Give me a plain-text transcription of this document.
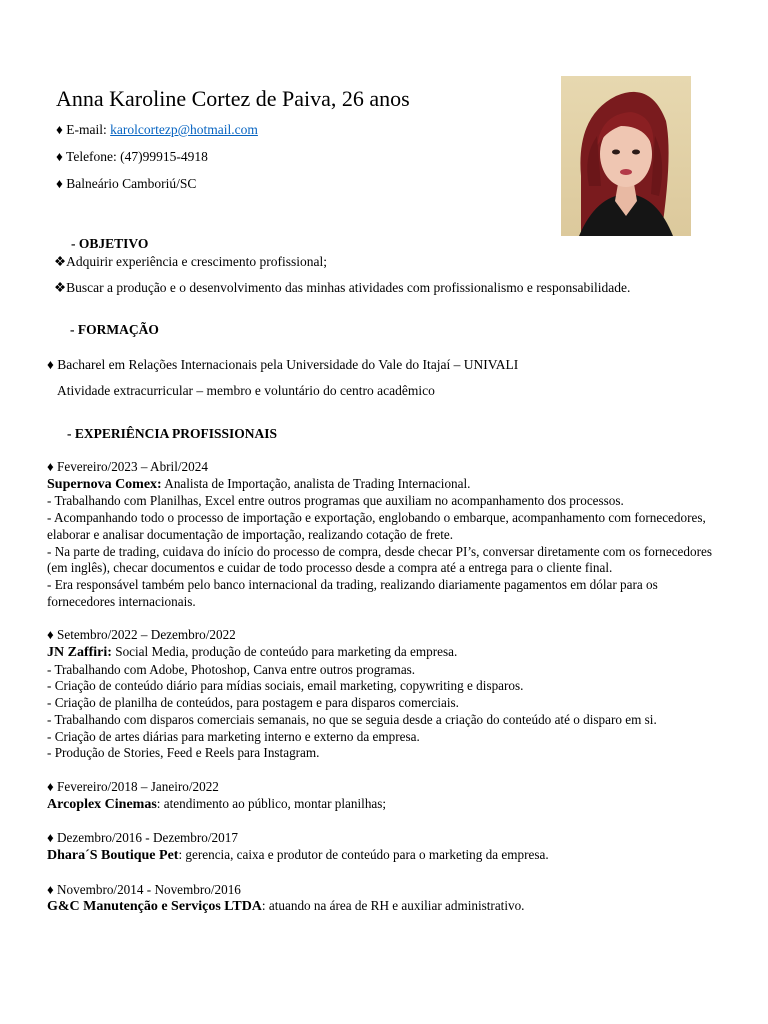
Anna Karoline Cortez de Paiva, 26 anos
♦ E-mail: karolcortezp@hotmail.com
♦ Telefone: (47)99915-4918
♦ Balneário Camboriú/SC
- OBJETIVO
❖Adquirir experiência e crescimento profissional;
❖Buscar a produção e o desenvolvimento das minhas atividades com profissionalismo e responsabilidade.
- FORMAÇÃO
♦ Bacharel em Relações Internacionais pela Universidade do Vale do Itajaí – UNIVALI
Atividade extracurricular – membro e voluntário do centro acadêmico
- EXPERIÊNCIA PROFISSIONAIS

♦ Fevereiro/2023 – Abril/2024

Supernova Comex: Analista de Importação, analista de Trading Internacional.

- Trabalhando com Planilhas, Excel entre outros programas que auxiliam no acompanhamento dos processos.

- Acompanhando todo o processo de importação e exportação, englobando o embarque, acompanhamento com fornecedores, elaborar e analisar documentação de importação, realizando cotação de frete.

- Na parte de trading, cuidava do início do processo de compra, desde checar PI’s, conversar diretamente com os fornecedores (em inglês), checar documentos e cuidar de todo processo desde a compra até a entrega para o cliente final.

- Era responsável também pelo banco internacional da trading, realizando diariamente pagamentos em dólar para os fornecedores internacionais.

♦ Setembro/2022 – Dezembro/2022

JN Zaffiri: Social Media, produção de conteúdo para marketing da empresa.

- Trabalhando com Adobe, Photoshop, Canva entre outros programas.

- Criação de conteúdo diário para mídias sociais, email marketing, copywriting e disparos.

- Criação de planilha de conteúdos, para postagem e para disparos comerciais.

- Trabalhando com disparos comerciais semanais, no que se seguia desde a criação do conteúdo até o disparo em si.

- Criação de artes diárias para marketing interno e externo da empresa.

- Produção de Stories, Feed e Reels para Instagram.

♦ Fevereiro/2018 – Janeiro/2022

Arcoplex Cinemas: atendimento ao público, montar planilhas;

♦ Dezembro/2016 - Dezembro/2017

Dhara´S Boutique Pet: gerencia, caixa e produtor de conteúdo para o marketing da empresa.

♦ Novembro/2014 - Novembro/2016

G&C Manutenção e Serviços LTDA: atuando na área de RH e auxiliar administrativo.
